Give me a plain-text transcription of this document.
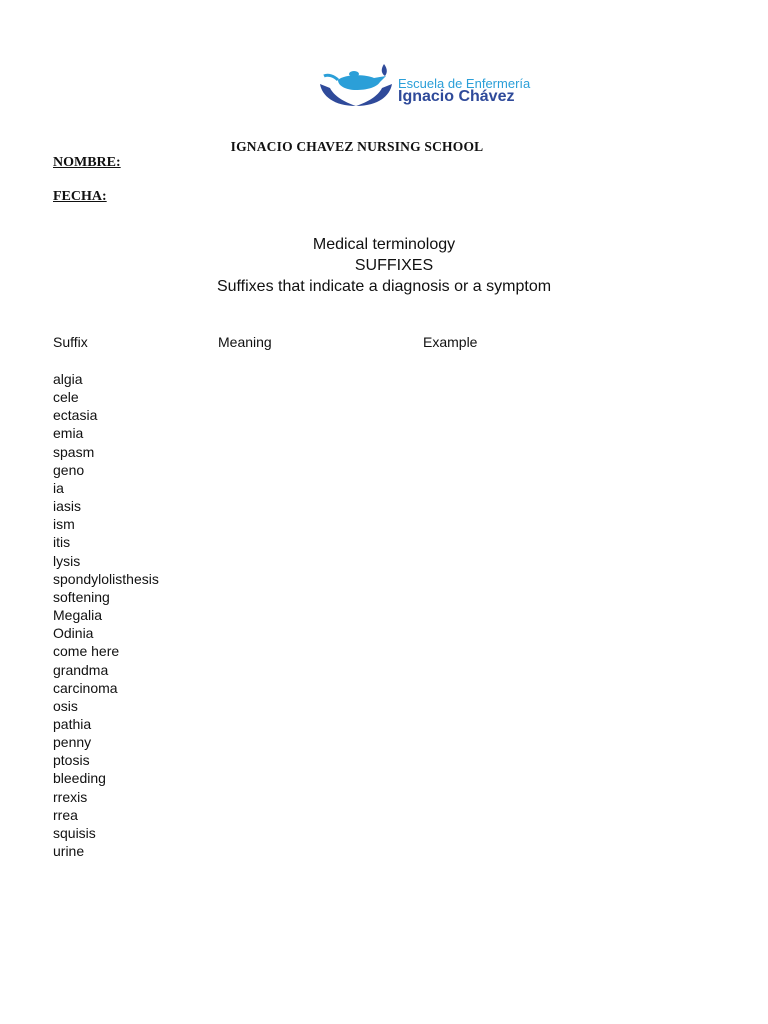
Escuela de Enfermería
Ignacio Chávez
IGNACIO CHAVEZ NURSING SCHOOL
NOMBRE:
FECHA:
Medical terminology
SUFFIXES
Suffixes that indicate a diagnosis or a symptom
Suffix	Meaning	Example
algia
cele
ectasia
emia
spasm
geno
ia
iasis
ism
itis
lysis
spondylolisthesis
softening
Megalia
Odinia
come here
grandma
carcinoma
osis
pathia
penny
ptosis
bleeding
rrexis
rrea
squisis
urine
